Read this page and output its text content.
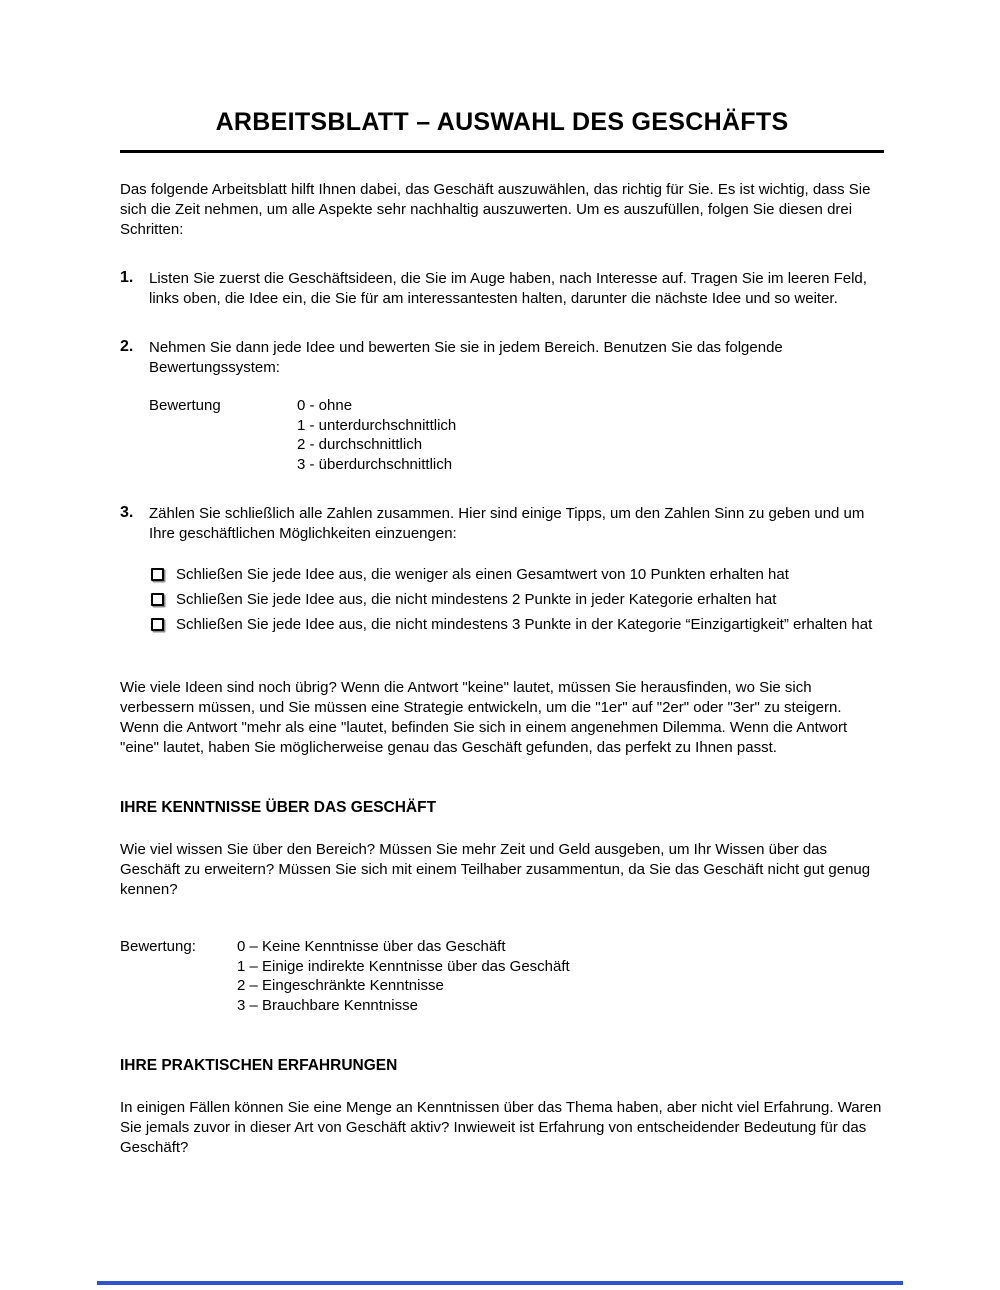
ARBEITSBLATT – AUSWAHL DES GESCHÄFTS

Das folgende Arbeitsblatt hilft Ihnen dabei, das Geschäft auszuwählen, das richtig für Sie. Es ist wichtig, dass Sie sich die Zeit nehmen, um alle Aspekte sehr nachhaltig auszuwerten. Um es auszufüllen, folgen Sie diesen drei Schritten:

1.	Listen Sie zuerst die Geschäftsideen, die Sie im Auge haben, nach Interesse auf. Tragen Sie im leeren Feld, links oben, die Idee ein, die Sie für am interessantesten halten, darunter die nächste Idee und so weiter.
2.	Nehmen Sie dann jede Idee und bewerten Sie sie in jedem Bereich. Benutzen Sie das folgende Bewertungssystem:
Bewertung	0 - ohne
1 - unterdurchschnittlich
2 - durchschnittlich
3 - überdurchschnittlich
3.	Zählen Sie schließlich alle Zahlen zusammen. Hier sind einige Tipps, um den Zahlen Sinn zu geben und um Ihre geschäftlichen Möglichkeiten einzuengen:
Schließen Sie jede Idee aus, die weniger als einen Gesamtwert von 10 Punkten erhalten hat
Schließen Sie jede Idee aus, die nicht mindestens 2 Punkte in jeder Kategorie erhalten hat
Schließen Sie jede Idee aus, die nicht mindestens 3 Punkte in der Kategorie “Einzigartigkeit” erhalten hat

Wie viele Ideen sind noch übrig? Wenn die Antwort "keine" lautet, müssen Sie herausfinden, wo Sie sich verbessern müssen, und Sie müssen eine Strategie entwickeln, um die "1er" auf "2er" oder "3er" zu steigern. Wenn die Antwort "mehr als eine "lautet, befinden Sie sich in einem angenehmen Dilemma. Wenn die Antwort "eine" lautet, haben Sie möglicherweise genau das Geschäft gefunden, das perfekt zu Ihnen passt.

IHRE KENNTNISSE ÜBER DAS GESCHÄFT

Wie viel wissen Sie über den Bereich? Müssen Sie mehr Zeit und Geld ausgeben, um Ihr Wissen über das Geschäft zu erweitern? Müssen Sie sich mit einem Teilhaber zusammentun, da Sie das Geschäft nicht gut genug kennen?

Bewertung:	0 – Keine Kenntnisse über das Geschäft
1 – Einige indirekte Kenntnisse über das Geschäft
2 – Eingeschränkte Kenntnisse
3 – Brauchbare Kenntnisse
IHRE PRAKTISCHEN ERFAHRUNGEN

In einigen Fällen können Sie eine Menge an Kenntnissen über das Thema haben, aber nicht viel Erfahrung. Waren Sie jemals zuvor in dieser Art von Geschäft aktiv? Inwieweit ist Erfahrung von entscheidender Bedeutung für das Geschäft?
